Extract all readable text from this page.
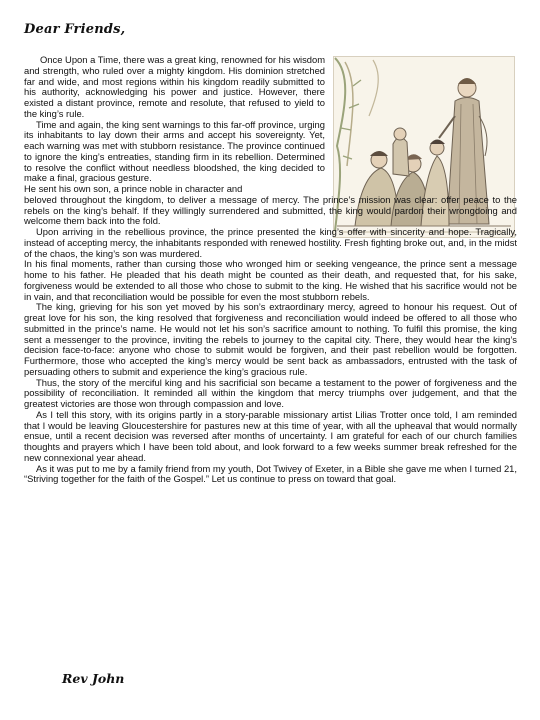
Dear Friends,

Once Upon a Time, there was a great king, renowned for his wisdom and strength, who ruled over a mighty kingdom. His dominion stretched far and wide, and most regions within his kingdom readily submitted to his authority, acknowledging his power and justice. However, there existed a distant province, remote and resolute, that refused to yield to the king’s rule.

Time and again, the king sent warnings to this far-off province, urging its inhabitants to lay down their arms and accept his sovereignty. Yet, each warning was met with stubborn resistance. The province continued to ignore the king’s entreaties, standing firm in its rebellion. Determined to resolve the conflict without needless bloodshed, the king decided to make a final, gracious gesture.

He sent his own son, a prince noble in character and

beloved throughout the kingdom, to deliver a message of mercy. The prince’s mission was clear: offer peace to the rebels on the king’s behalf. If they willingly surrendered and submitted, the king would pardon their wrongdoing and welcome them back into the fold.

Upon arriving in the rebellious province, the prince presented the king’s offer with sincerity and hope. Tragically, instead of accepting mercy, the inhabitants responded with renewed hostility. Fresh fighting broke out, and, in the midst of the chaos, the king’s son was murdered.

In his final moments, rather than cursing those who wronged him or seeking vengeance, the prince sent a message home to his father. He pleaded that his death might be counted as their death, and requested that, for his sake, forgiveness would be extended to all those who chose to submit to the king. He wished that his sacrifice would not be in vain, and that reconciliation would be possible for even the most stubborn rebels.

The king, grieving for his son yet moved by his son’s extraordinary mercy, agreed to honour his request. Out of great love for his son, the king resolved that forgiveness and reconciliation would indeed be offered to all those who submitted in the prince’s name. He would not let his son’s sacrifice amount to nothing. To fulfil this promise, the king sent a messenger to the province, inviting the rebels to journey to the capital city. There, they would hear the king’s decision face-to-face: anyone who chose to submit would be forgiven, and their past rebellion would be forgotten. Furthermore, those who accepted the king’s mercy would be sent back as ambassadors, entrusted with the task of persuading others to submit and experience the king’s gracious rule.

Thus, the story of the merciful king and his sacrificial son became a testament to the power of forgiveness and the possibility of reconciliation. It reminded all within the kingdom that mercy triumphs over judgement, and that the greatest victories are those won through compassion and love.

As I tell this story, with its origins partly in a story-parable missionary artist Lilias Trotter once told, I am reminded that I would be leaving Gloucestershire for pastures new at this time of year, with all the upheaval that would normally ensue, until a recent decision was reversed after months of uncertainty. I am grateful for each of our church families thoughts and prayers which I have been told about, and look forward to a few weeks summer break refreshed for the new connexional year ahead.

As it was put to me by a family friend from my youth, Dot Twivey of Exeter, in a Bible she gave me when I turned 21, “Striving together for the faith of the Gospel.” Let us continue to press on toward that goal.

Rev John
